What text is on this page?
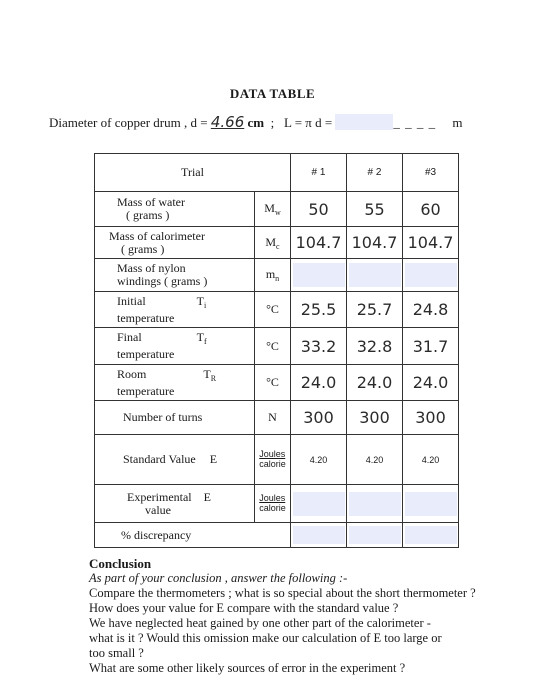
DATA TABLE
Diameter of copper drum , d = 4.66 cm ; L = π d =	_ _ _ _ m
Trial		# 1	# 2	#3
Mass of water
( grams )	$M_w$	50	55	60
Mass of calorimeter
( grams )	$M_c$	104.7	104.7	104.7
Mass of nylon
windings ( grams )	$m_n$	

Initial $T_i$
temperature	°C	25.5	25.7	24.8
Final $T_f$
temperature	°C	33.2	32.8	31.7
Room $T_R$
temperature	°C	24.0	24.0	24.0
Number of turns	N	300	300	300
Standard Value E	Joules
calorie	4.20	4.20	4.20
Experimental E
value	Joules
calorie	

% discrepancy		

Conclusion
As part of your conclusion , answer the following :-
Compare the thermometers ; what is so special about the short thermometer ?
How does your value for E compare with the standard value ?
We have neglected heat gained by one other part of the calorimeter -
what is it ? Would this omission make our calculation of E too large or
too small ?
What are some other likely sources of error in the experiment ?
